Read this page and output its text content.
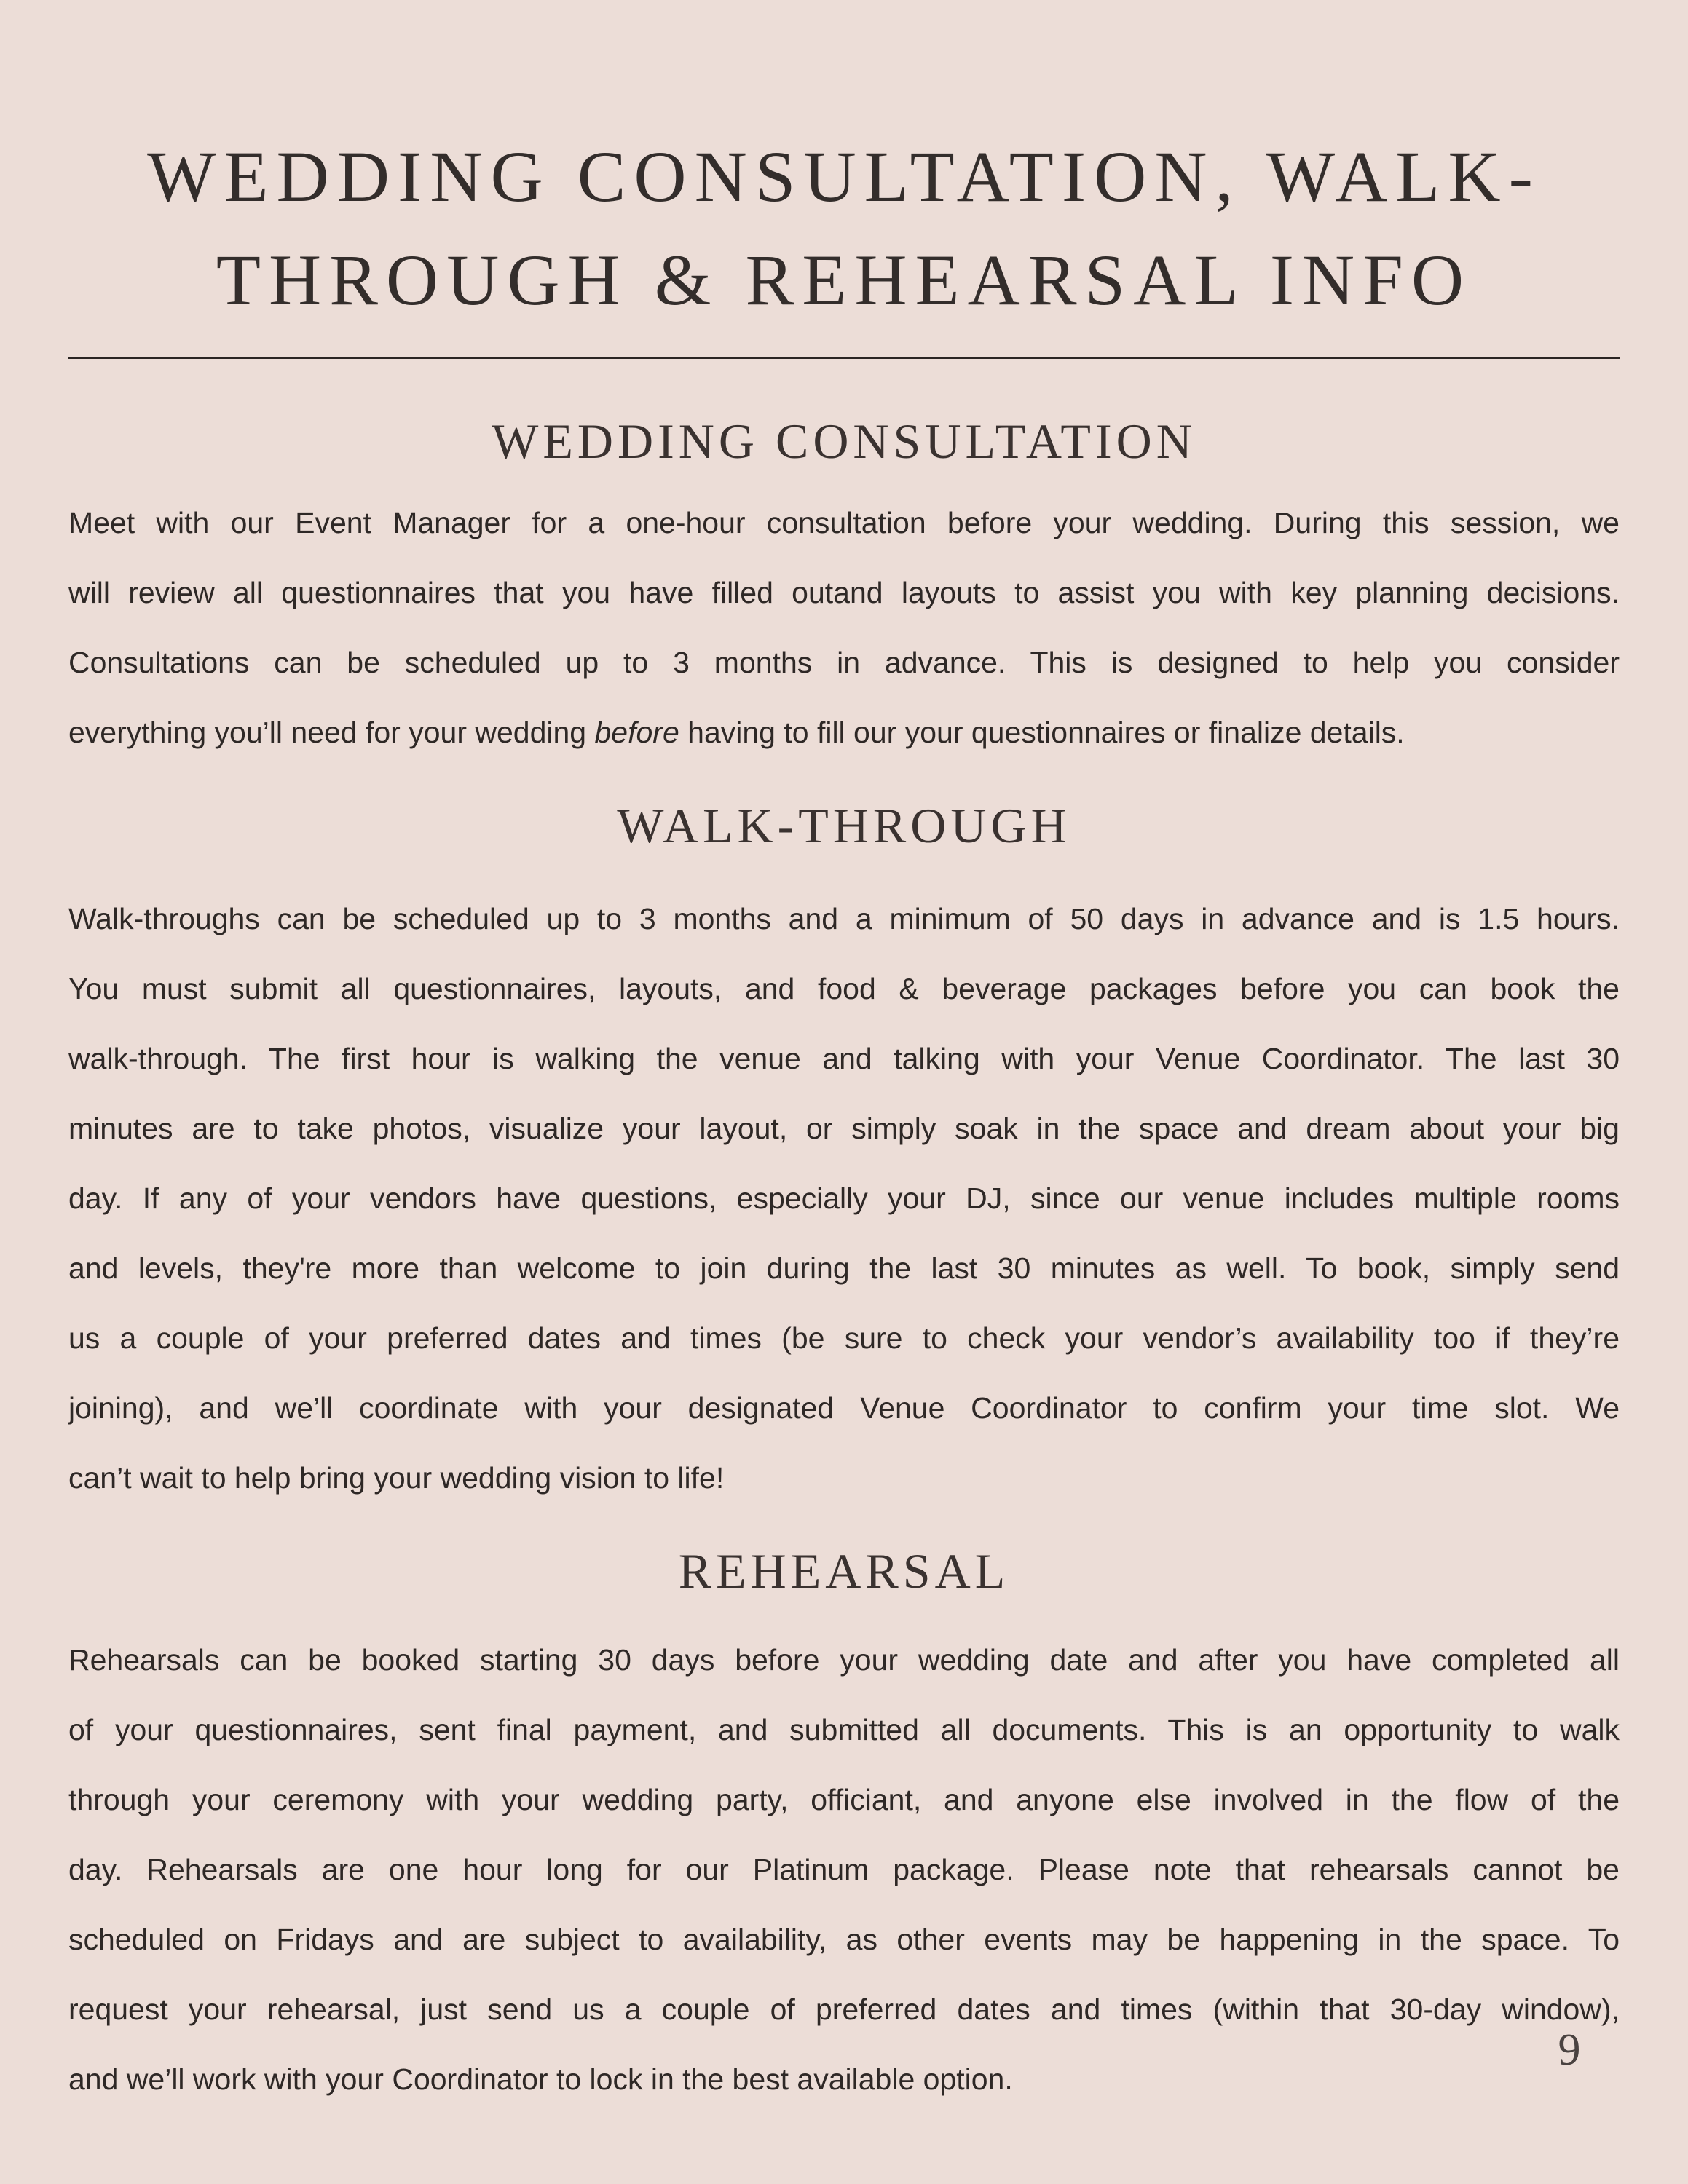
WEDDING CONSULTATION, WALK-
THROUGH & REHEARSAL INFO
WEDDING CONSULTATION
Meet with our Event Manager for a one-hour consultation before your wedding. During this session, we
will review all questionnaires that you have filled outand layouts to assist you with key planning decisions.
Consultations can be scheduled up to 3 months in advance. This is designed to help you consider
everything you’ll need for your wedding before having to fill our your questionnaires or finalize details.
WALK-THROUGH
Walk-throughs can be scheduled up to 3 months and a minimum of 50 days in advance and is 1.5 hours.
You must submit all questionnaires, layouts, and food & beverage packages before you can book the
walk-through. The first hour is walking the venue and talking with your Venue Coordinator. The last 30
minutes are to take photos, visualize your layout, or simply soak in the space and dream about your big
day. If any of your vendors have questions, especially your DJ, since our venue includes multiple rooms
and levels, they're more than welcome to join during the last 30 minutes as well. To book, simply send
us a couple of your preferred dates and times (be sure to check your vendor’s availability too if they’re
joining), and we’ll coordinate with your designated Venue Coordinator to confirm your time slot. We
can’t wait to help bring your wedding vision to life!
REHEARSAL
Rehearsals can be booked starting 30 days before your wedding date and after you have completed all
of your questionnaires, sent final payment, and submitted all documents. This is an opportunity to walk
through your ceremony with your wedding party, officiant, and anyone else involved in the flow of the
day. Rehearsals are one hour long for our Platinum package. Please note that rehearsals cannot be
scheduled on Fridays and are subject to availability, as other events may be happening in the space. To
request your rehearsal, just send us a couple of preferred dates and times (within that 30-day window),
and we’ll work with your Coordinator to lock in the best available option.
9
